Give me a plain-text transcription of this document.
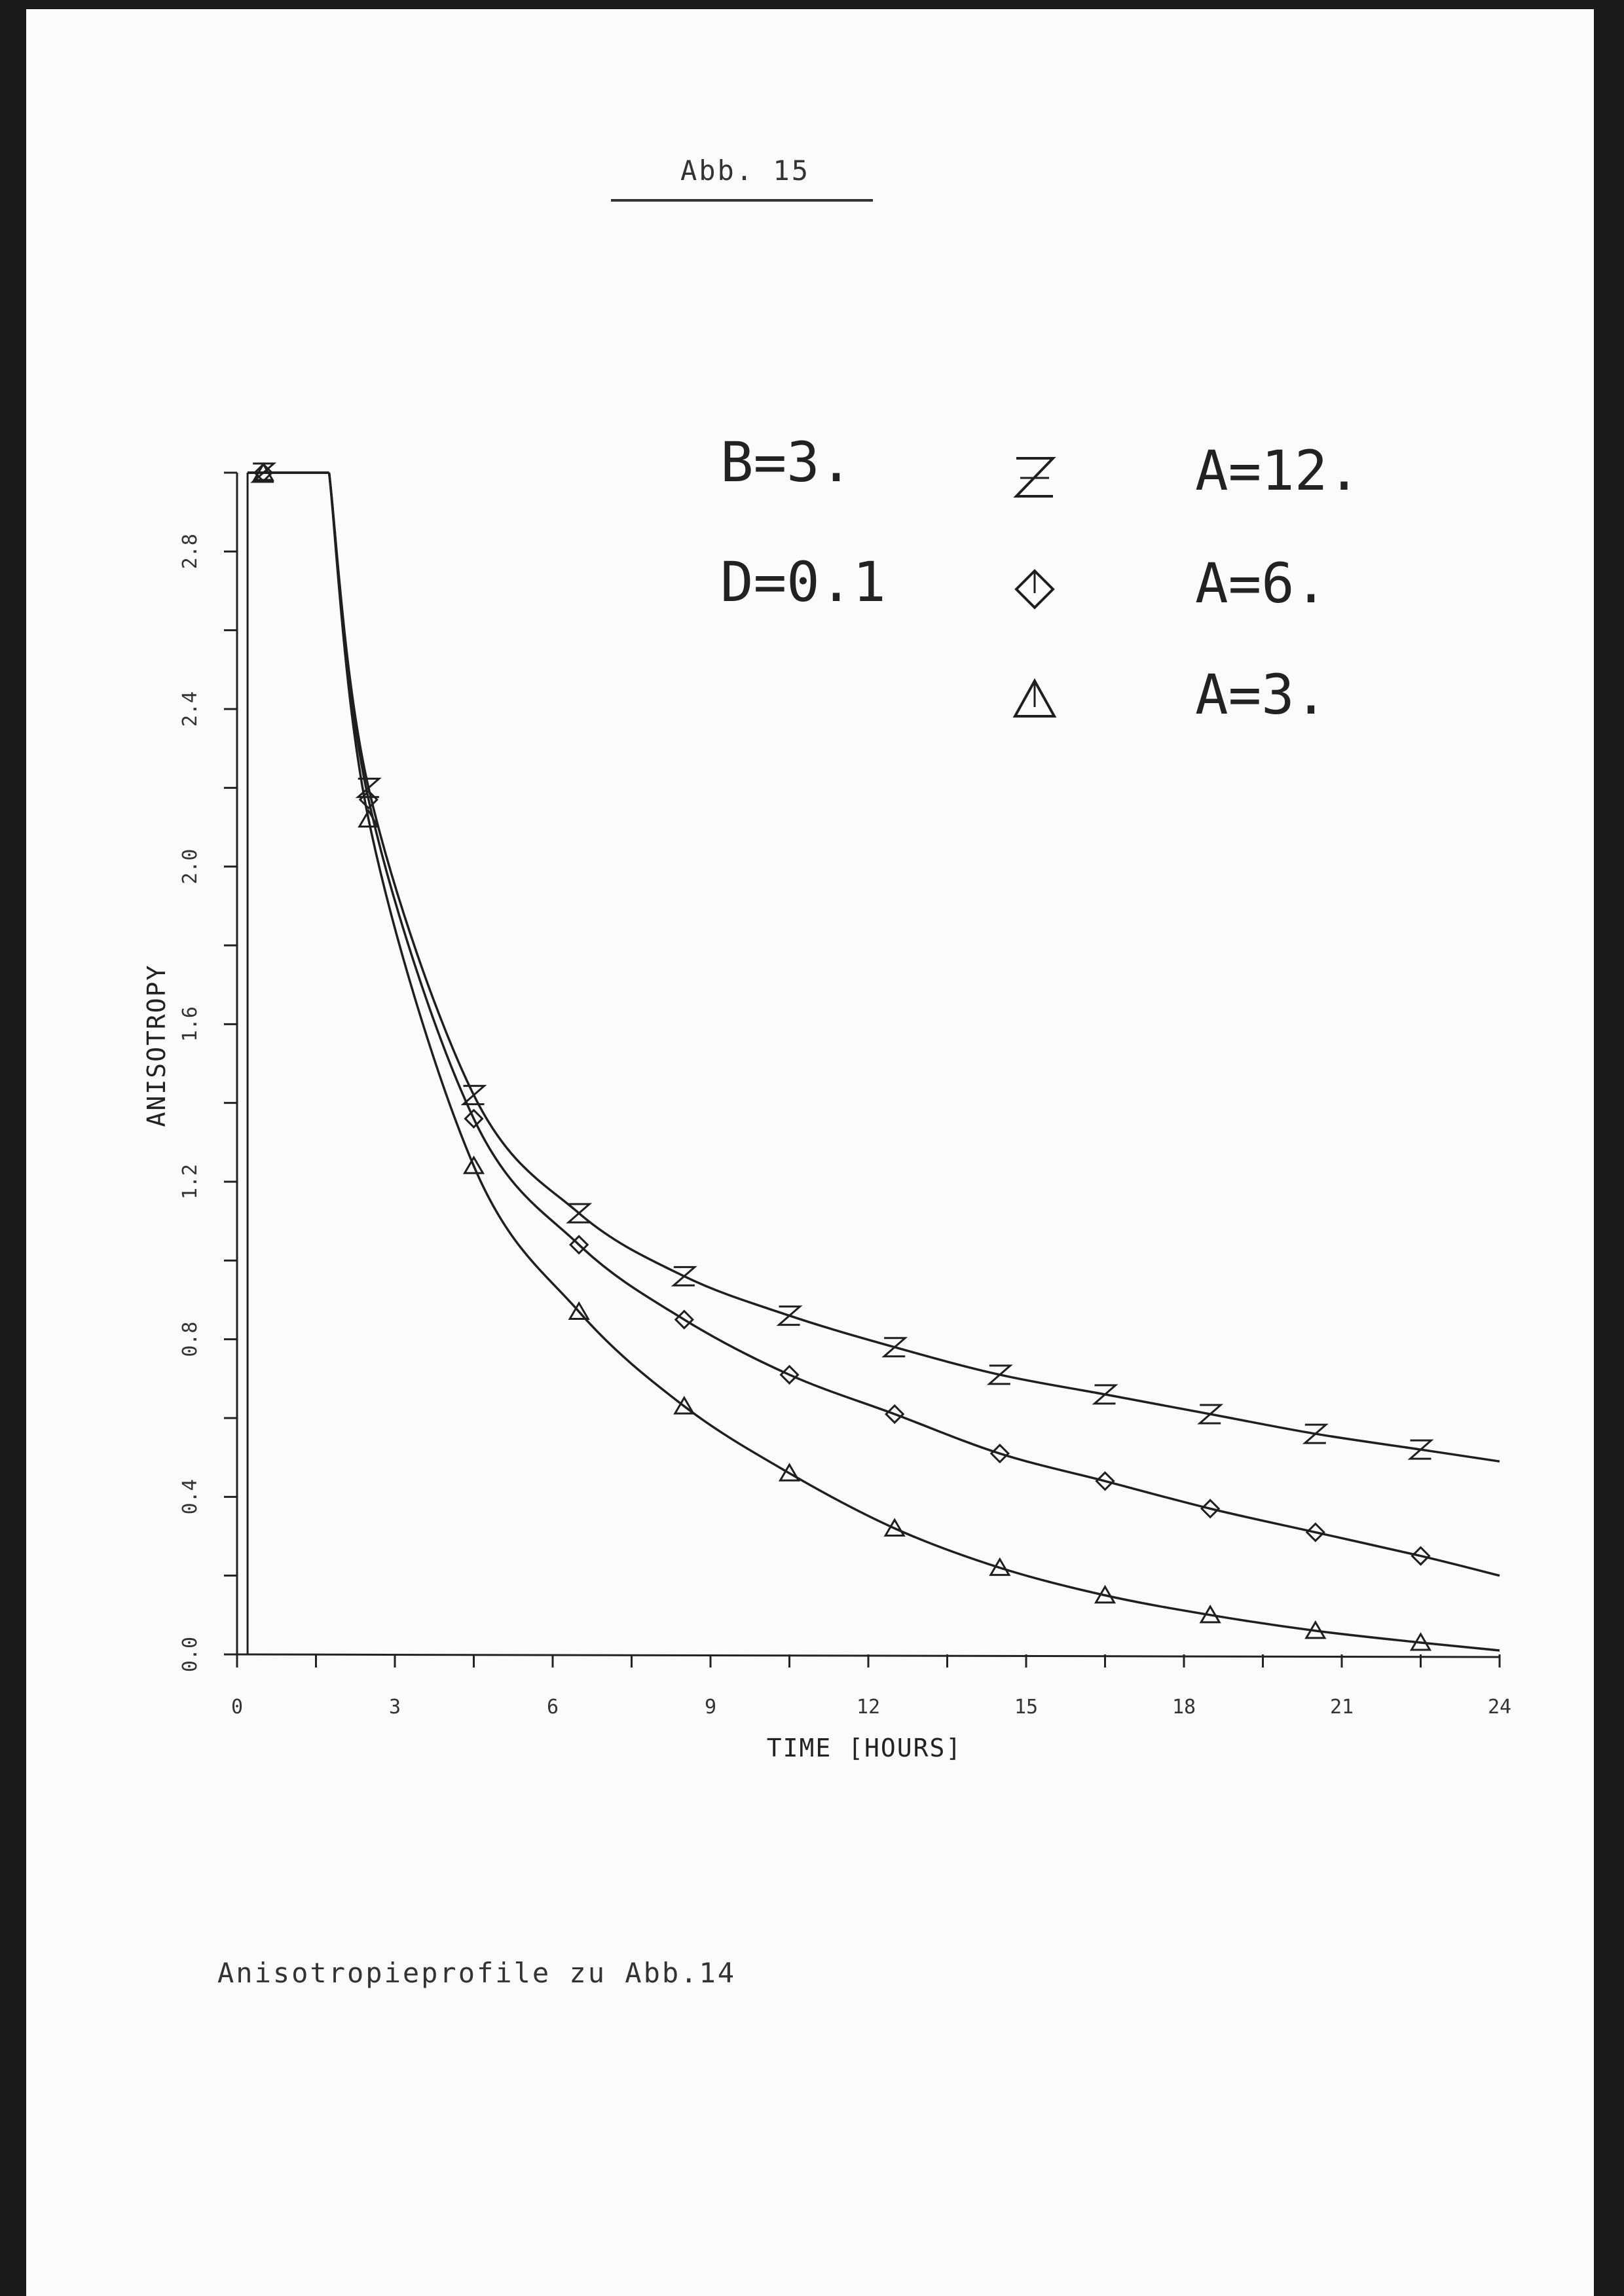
Abb. 15
Anisotropieprofile zu Abb.14
0	3	6	9	12	15	18	21	24
0.0
0.4
0.8
1.2
1.6
2.0
2.4
2.8
B=3.
D=0.1
A=12.
A=6.
A=3.
TIME [HOURS]
ANISOTROPY
